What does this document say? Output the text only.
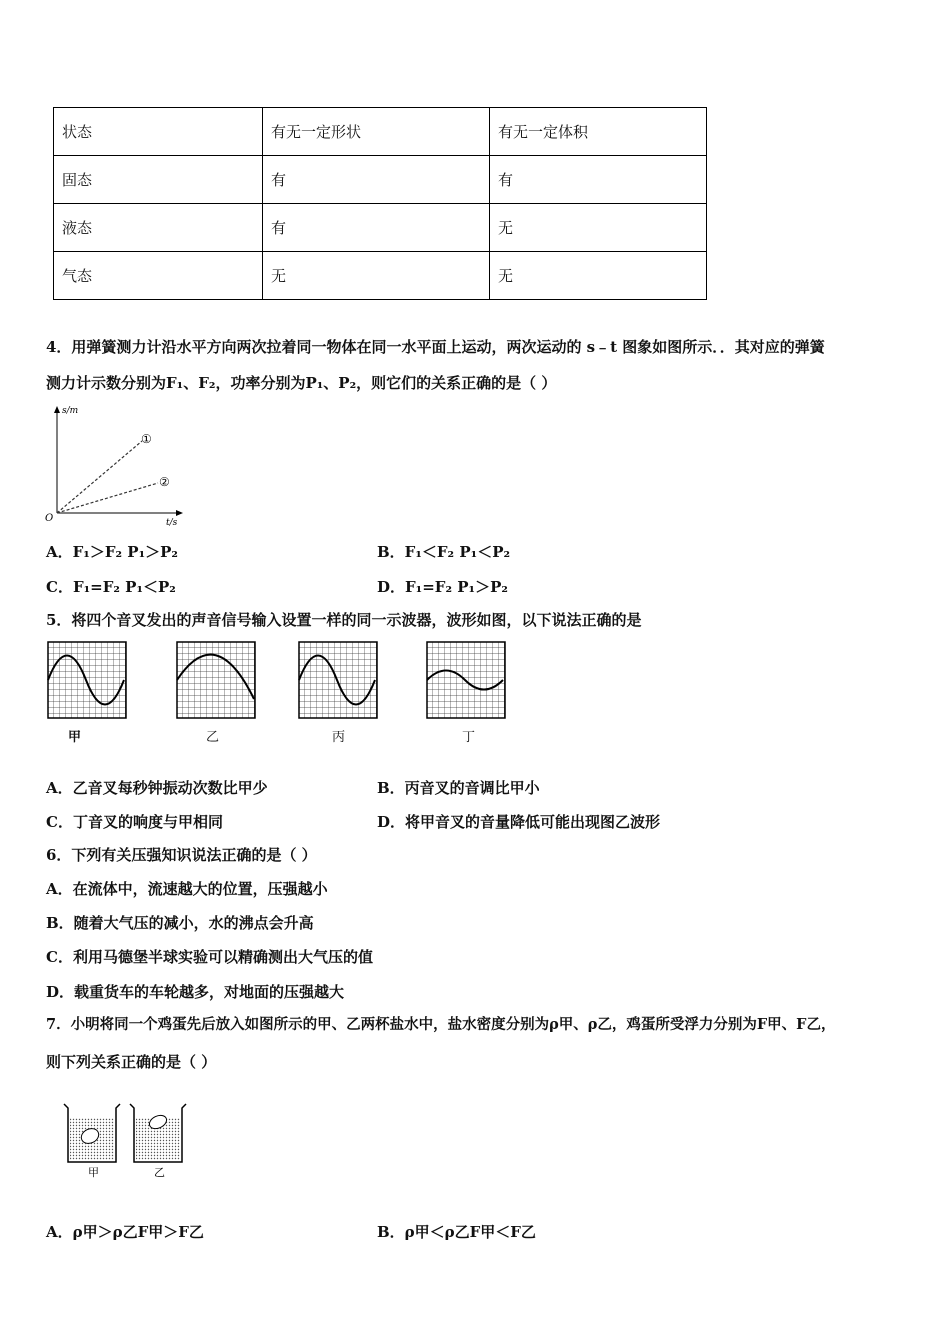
状态	有无一定形状	有无一定体积
固态	有	有
液态	有	无
气态	无	无
4．用弹簧测力计沿水平方向两次拉着同一物体在同一水平面上运动，两次运动的 s﹣t 图象如图所示．．其对应的弹簧
测力计示数分别为F₁、F₂，功率分别为P₁、P₂，则它们的关系正确的是（ ）
s/m
t/s
O
①
②
A．F₁＞F₂ P₁＞P₂	B．F₁＜F₂ P₁＜P₂
C．F₁=F₂ P₁＜P₂	D．F₁=F₂ P₁＞P₂
5．将四个音叉发出的声音信号输入设置一样的同一示波器，波形如图，以下说法正确的是
甲	乙	丙	丁
A．乙音叉每秒钟振动次数比甲少	B．丙音叉的音调比甲小
C．丁音叉的响度与甲相同	D．将甲音叉的音量降低可能出现图乙波形
6．下列有关压强知识说法正确的是（ ）
A．在流体中，流速越大的位置，压强越小
B．随着大气压的减小，水的沸点会升高
C．利用马德堡半球实验可以精确测出大气压的值
D．载重货车的车轮越多，对地面的压强越大
7．小明将同一个鸡蛋先后放入如图所示的甲、乙两杯盐水中，盐水密度分别为ρ甲、ρ乙，鸡蛋所受浮力分别为F甲、F乙，
则下列关系正确的是（ ）
甲	乙
A．ρ甲＞ρ乙F甲＞F乙	B．ρ甲＜ρ乙F甲＜F乙
